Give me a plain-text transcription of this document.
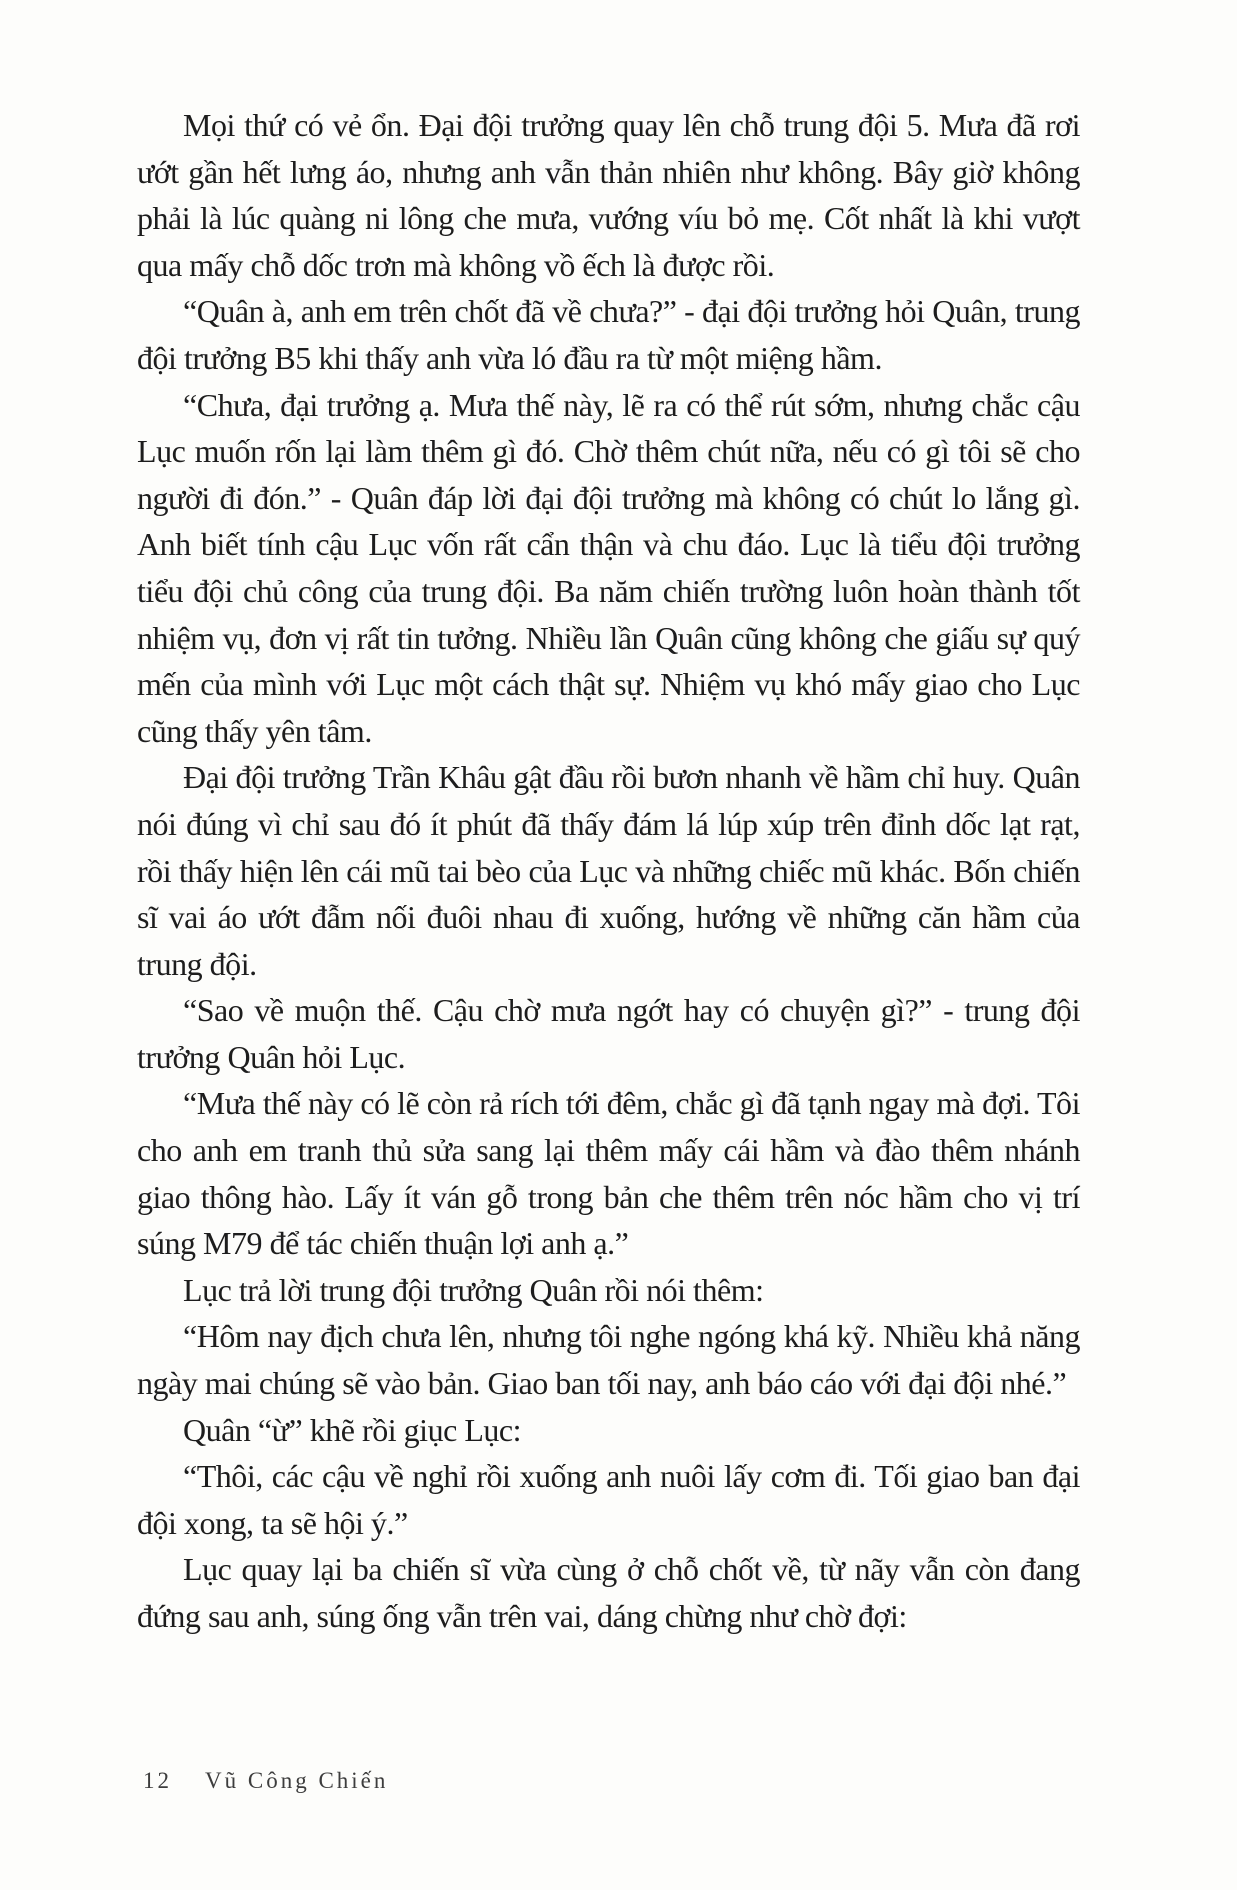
Mọi thứ có vẻ ổn. Đại đội trưởng quay lên chỗ trung đội 5. Mưa đã rơi ướt gần hết lưng áo, nhưng anh vẫn thản nhiên như không. Bây giờ không phải là lúc quàng ni lông che mưa, vướng víu bỏ mẹ. Cốt nhất là khi vượt qua mấy chỗ dốc trơn mà không vồ ếch là được rồi.

“Quân à, anh em trên chốt đã về chưa?” - đại đội trưởng hỏi Quân, trung đội trưởng B5 khi thấy anh vừa ló đầu ra từ một miệng hầm.

“Chưa, đại trưởng ạ. Mưa thế này, lẽ ra có thể rút sớm, nhưng chắc cậu Lục muốn rốn lại làm thêm gì đó. Chờ thêm chút nữa, nếu có gì tôi sẽ cho người đi đón.” - Quân đáp lời đại đội trưởng mà không có chút lo lắng gì. Anh biết tính cậu Lục vốn rất cẩn thận và chu đáo. Lục là tiểu đội trưởng tiểu đội chủ công của trung đội. Ba năm chiến trường luôn hoàn thành tốt nhiệm vụ, đơn vị rất tin tưởng. Nhiều lần Quân cũng không che giấu sự quý mến của mình với Lục một cách thật sự. Nhiệm vụ khó mấy giao cho Lục cũng thấy yên tâm.

Đại đội trưởng Trần Khâu gật đầu rồi bươn nhanh về hầm chỉ huy. Quân nói đúng vì chỉ sau đó ít phút đã thấy đám lá lúp xúp trên đỉnh dốc lạt rạt, rồi thấy hiện lên cái mũ tai bèo của Lục và những chiếc mũ khác. Bốn chiến sĩ vai áo ướt đẫm nối đuôi nhau đi xuống, hướng về những căn hầm của trung đội.

“Sao về muộn thế. Cậu chờ mưa ngớt hay có chuyện gì?” - trung đội trưởng Quân hỏi Lục.

“Mưa thế này có lẽ còn rả rích tới đêm, chắc gì đã tạnh ngay mà đợi. Tôi cho anh em tranh thủ sửa sang lại thêm mấy cái hầm và đào thêm nhánh giao thông hào. Lấy ít ván gỗ trong bản che thêm trên nóc hầm cho vị trí súng M79 để tác chiến thuận lợi anh ạ.”

Lục trả lời trung đội trưởng Quân rồi nói thêm:

“Hôm nay địch chưa lên, nhưng tôi nghe ngóng khá kỹ. Nhiều khả năng ngày mai chúng sẽ vào bản. Giao ban tối nay, anh báo cáo với đại đội nhé.”

Quân “ừ” khẽ rồi giục Lục:

“Thôi, các cậu về nghỉ rồi xuống anh nuôi lấy cơm đi. Tối giao ban đại đội xong, ta sẽ hội ý.”

Lục quay lại ba chiến sĩ vừa cùng ở chỗ chốt về, từ nãy vẫn còn đang đứng sau anh, súng ống vẫn trên vai, dáng chừng như chờ đợi:

12 Vũ Công Chiến
